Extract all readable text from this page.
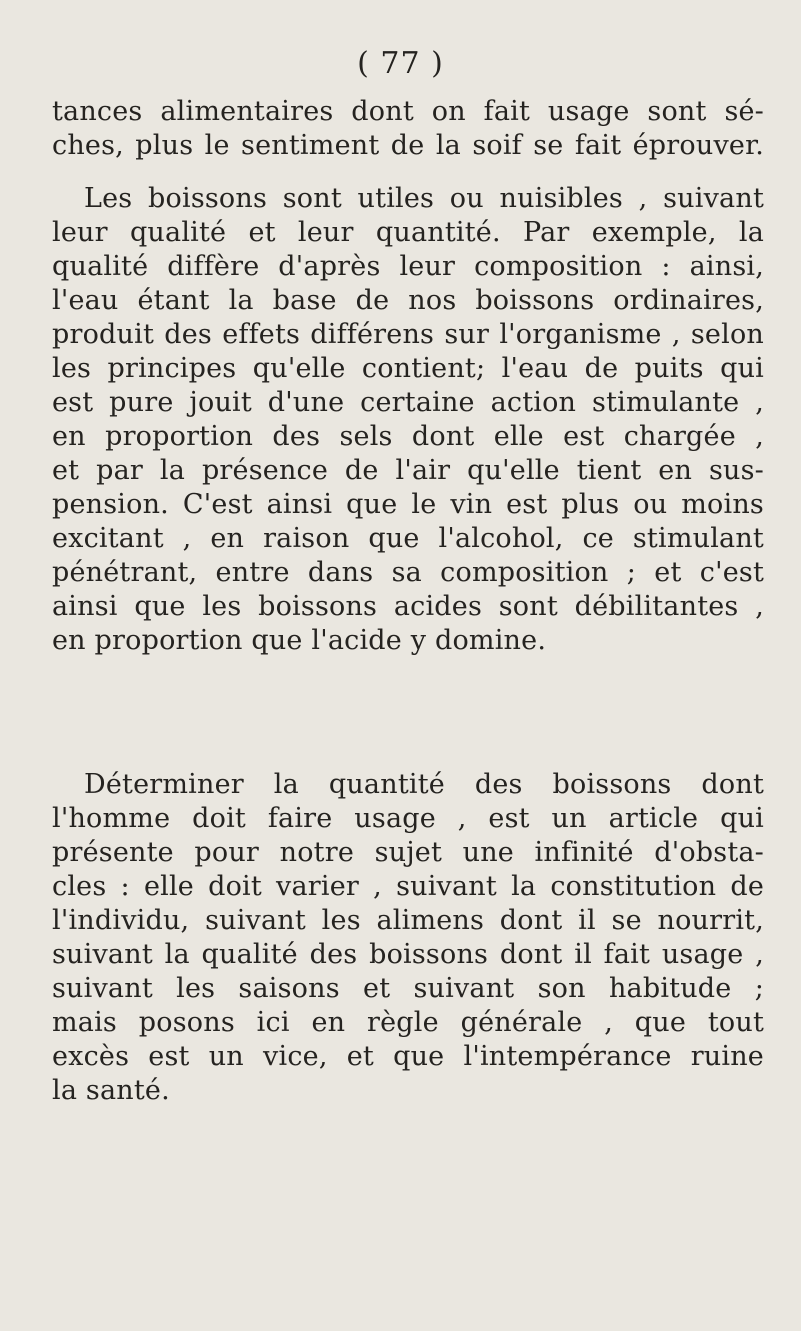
( 77 )
tances alimentaires dont on fait usage sont sé-
ches, plus le sentiment de la soif se fait éprouver.
Les boissons sont utiles ou nuisibles , suivant
leur qualité et leur quantité. Par exemple, la
qualité diffère d'après leur composition : ainsi,
l'eau étant la base de nos boissons ordinaires,
produit des effets différens sur l'organisme , selon
les principes qu'elle contient; l'eau de puits qui
est pure jouit d'une certaine action stimulante ,
en proportion des sels dont elle est chargée ,
et par la présence de l'air qu'elle tient en sus-
pension. C'est ainsi que le vin est plus ou moins
excitant , en raison que l'alcohol, ce stimulant
pénétrant, entre dans sa composition ; et c'est
ainsi que les boissons acides sont débilitantes ,
en proportion que l'acide y domine.
Déterminer la quantité des boissons dont
l'homme doit faire usage , est un article qui
présente pour notre sujet une infinité d'obsta-
cles : elle doit varier , suivant la constitution de
l'individu, suivant les alimens dont il se nourrit,
suivant la qualité des boissons dont il fait usage ,
suivant les saisons et suivant son habitude ;
mais posons ici en règle générale , que tout
excès est un vice, et que l'intempérance ruine
la santé.
